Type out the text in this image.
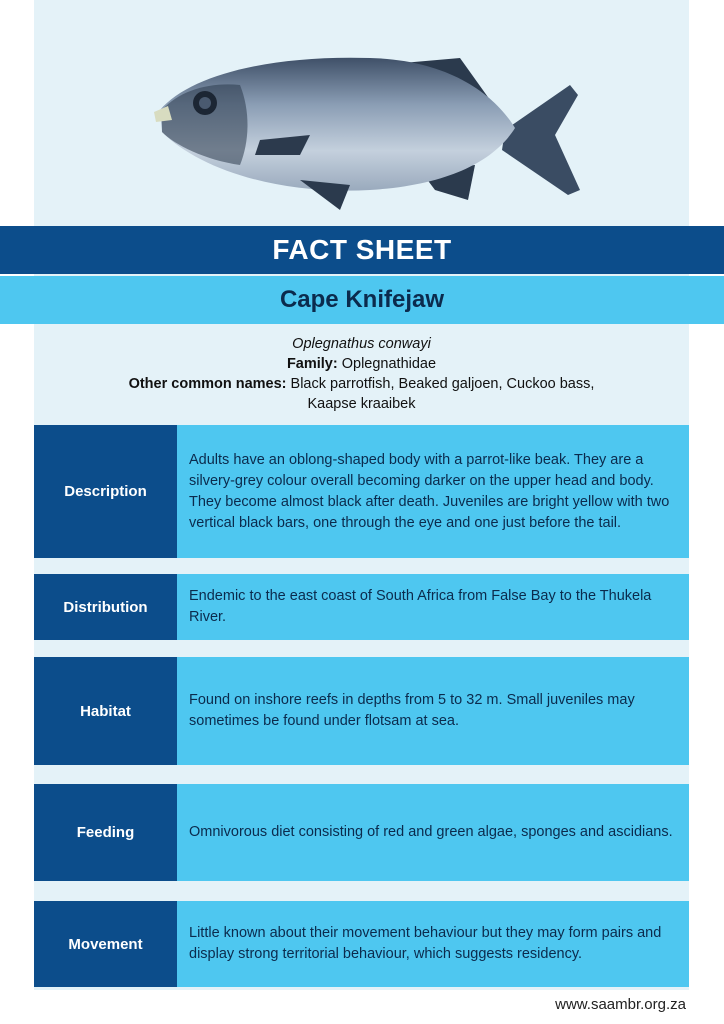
FACT SHEET
Cape Knifejaw
Oplegnathus conwayi
Family: Oplegnathidae
Other common names: Black parrotfish, Beaked galjoen, Cuckoo bass,
Kaapse kraaibek
Description
Adults have an oblong-shaped body with a parrot-like beak. They are a silvery-grey colour overall becoming darker on the upper head and body. They become almost black after death. Juveniles are bright yellow with two vertical black bars, one through the eye and one just before the tail.
Distribution
Endemic to the east coast of South Africa from False Bay to the Thukela River.
Habitat
Found on inshore reefs in depths from 5 to 32 m. Small juveniles may sometimes be found under flotsam at sea.
Feeding	Omnivorous diet consisting of red and green algae, sponges and ascidians.
Movement
Little known about their movement behaviour but they may form pairs and display strong territorial behaviour, which suggests residency.
www.saambr.org.za
